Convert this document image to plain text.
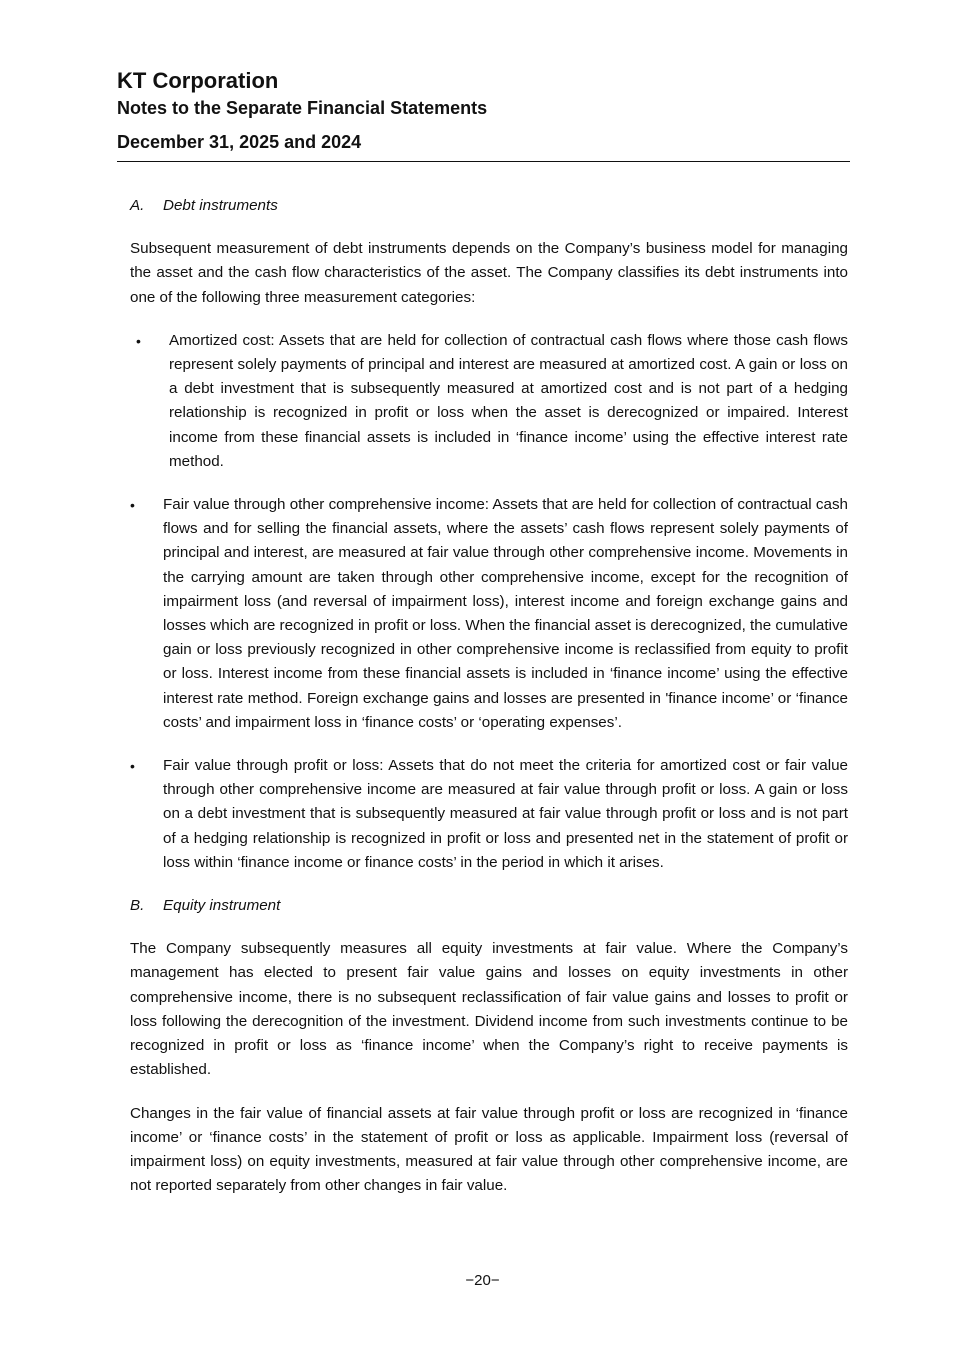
KT Corporation
Notes to the Separate Financial Statements
December 31, 2025 and 2024
A.	Debt instruments

Subsequent measurement of debt instruments depends on the Company’s business model for managing the asset and the cash flow characteristics of the asset. The Company classifies its debt instruments into one of the following three measurement categories:

•	Amortized cost: Assets that are held for collection of contractual cash flows where those cash flows represent solely payments of principal and interest are measured at amortized cost. A gain or loss on a debt investment that is subsequently measured at amortized cost and is not part of a hedging relationship is recognized in profit or loss when the asset is derecognized or impaired. Interest income from these financial assets is included in ‘finance income’ using the effective interest rate method.
•	Fair value through other comprehensive income: Assets that are held for collection of contractual cash flows and for selling the financial assets, where the assets’ cash flows represent solely payments of principal and interest, are measured at fair value through other comprehensive income. Movements in the carrying amount are taken through other comprehensive income, except for the recognition of impairment loss (and reversal of impairment loss), interest income and foreign exchange gains and losses which are recognized in profit or loss. When the financial asset is derecognized, the cumulative gain or loss previously recognized in other comprehensive income is reclassified from equity to profit or loss. Interest income from these financial assets is included in ‘finance income’ using the effective interest rate method. Foreign exchange gains and losses are presented in 'finance income’ or ‘finance costs’ and impairment loss in ‘finance costs’ or ‘operating expenses’.
•	Fair value through profit or loss: Assets that do not meet the criteria for amortized cost or fair value through other comprehensive income are measured at fair value through profit or loss. A gain or loss on a debt investment that is subsequently measured at fair value through profit or loss and is not part of a hedging relationship is recognized in profit or loss and presented net in the statement of profit or loss within ‘finance income or finance costs’ in the period in which it arises.
B.	Equity instrument

The Company subsequently measures all equity investments at fair value. Where the Company’s management has elected to present fair value gains and losses on equity investments in other comprehensive income, there is no subsequent reclassification of fair value gains and losses to profit or loss following the derecognition of the investment. Dividend income from such investments continue to be recognized in profit or loss as ‘finance income’ when the Company’s right to receive payments is established.

Changes in the fair value of financial assets at fair value through profit or loss are recognized in ‘finance income’ or ‘finance costs’ in the statement of profit or loss as applicable. Impairment loss (reversal of impairment loss) on equity investments, measured at fair value through other comprehensive income, are not reported separately from other changes in fair value.

−20−
